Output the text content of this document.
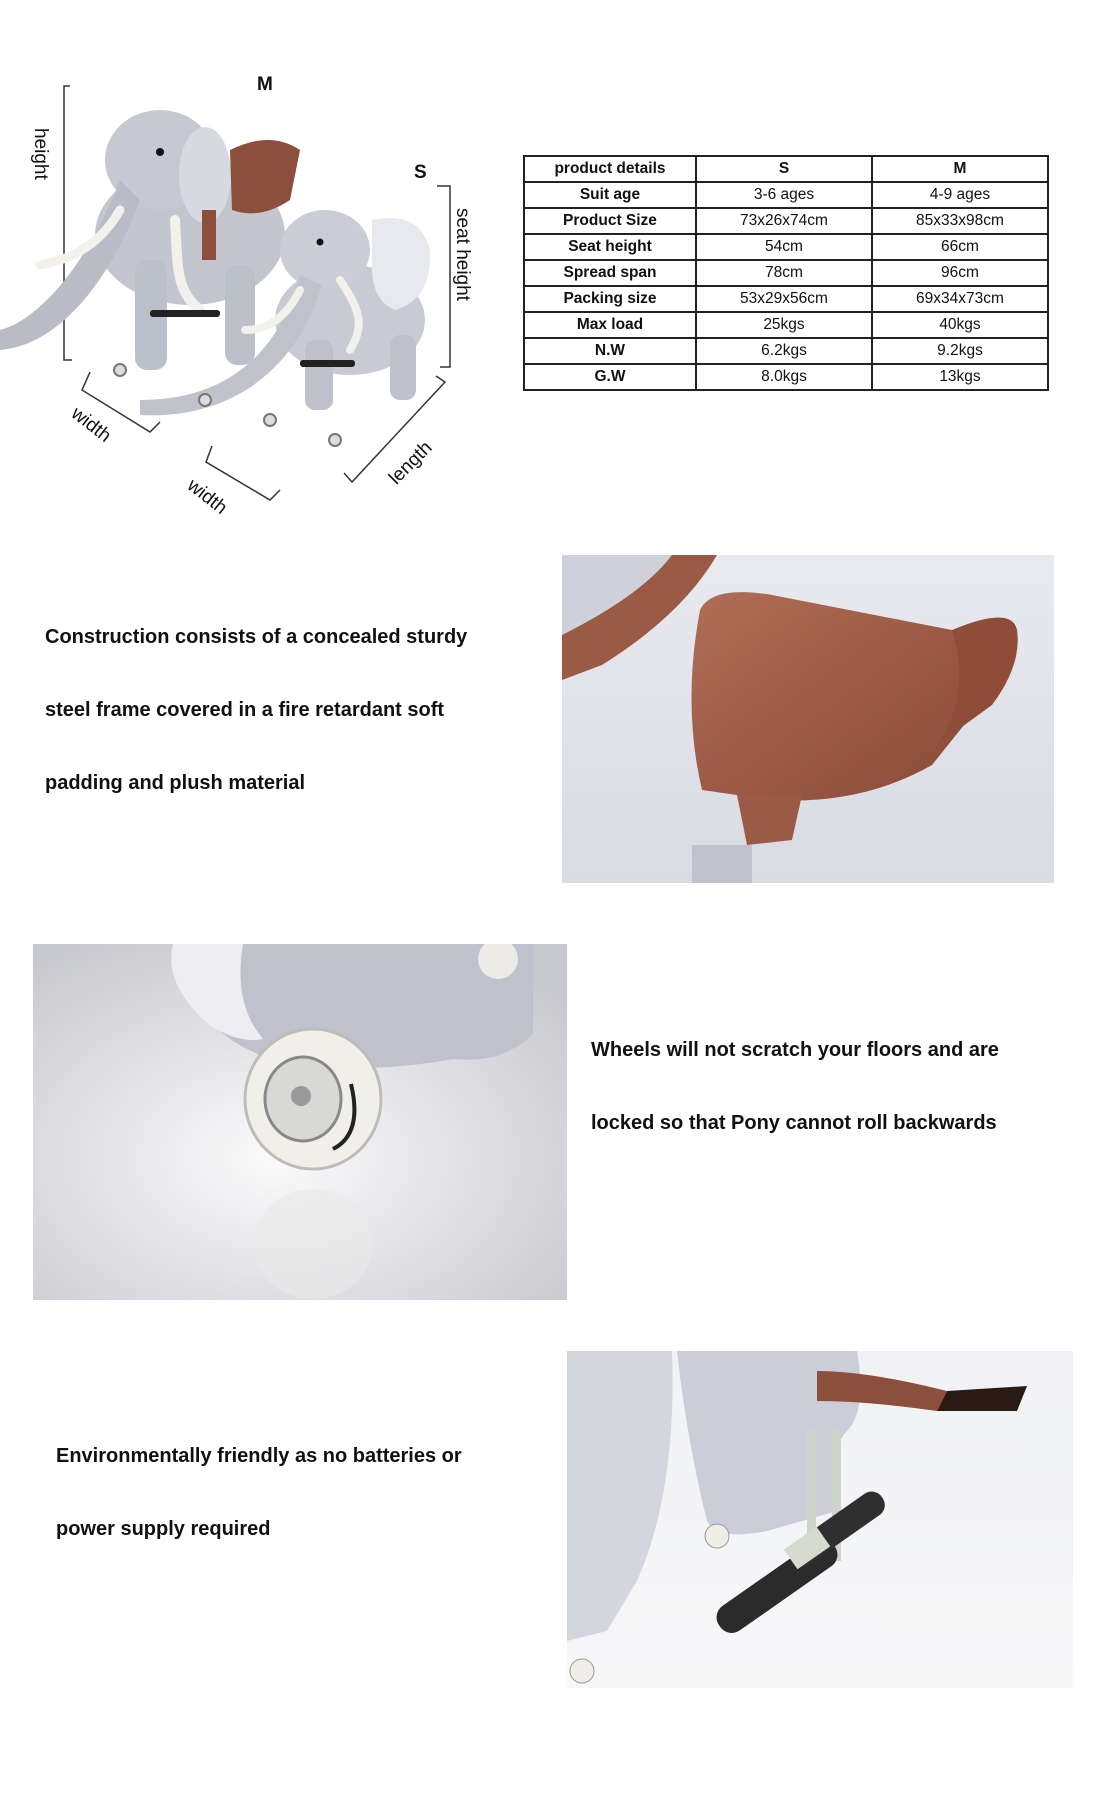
M
S
height
seat height
width
width
length
product details	S	M
Suit age	3-6 ages	4-9 ages
Product Size	73x26x74cm	85x33x98cm
Seat height	54cm	66cm
Spread span	78cm	96cm
Packing size	53x29x56cm	69x34x73cm
Max load	25kgs	40kgs
N.W	6.2kgs	9.2kgs
G.W	8.0kgs	13kgs

Construction consists of a concealed sturdy

steel frame covered in a fire retardant soft

padding and plush material

Wheels will not scratch your floors and are

locked so that Pony cannot roll backwards

Environmentally friendly as no batteries or

power supply required
